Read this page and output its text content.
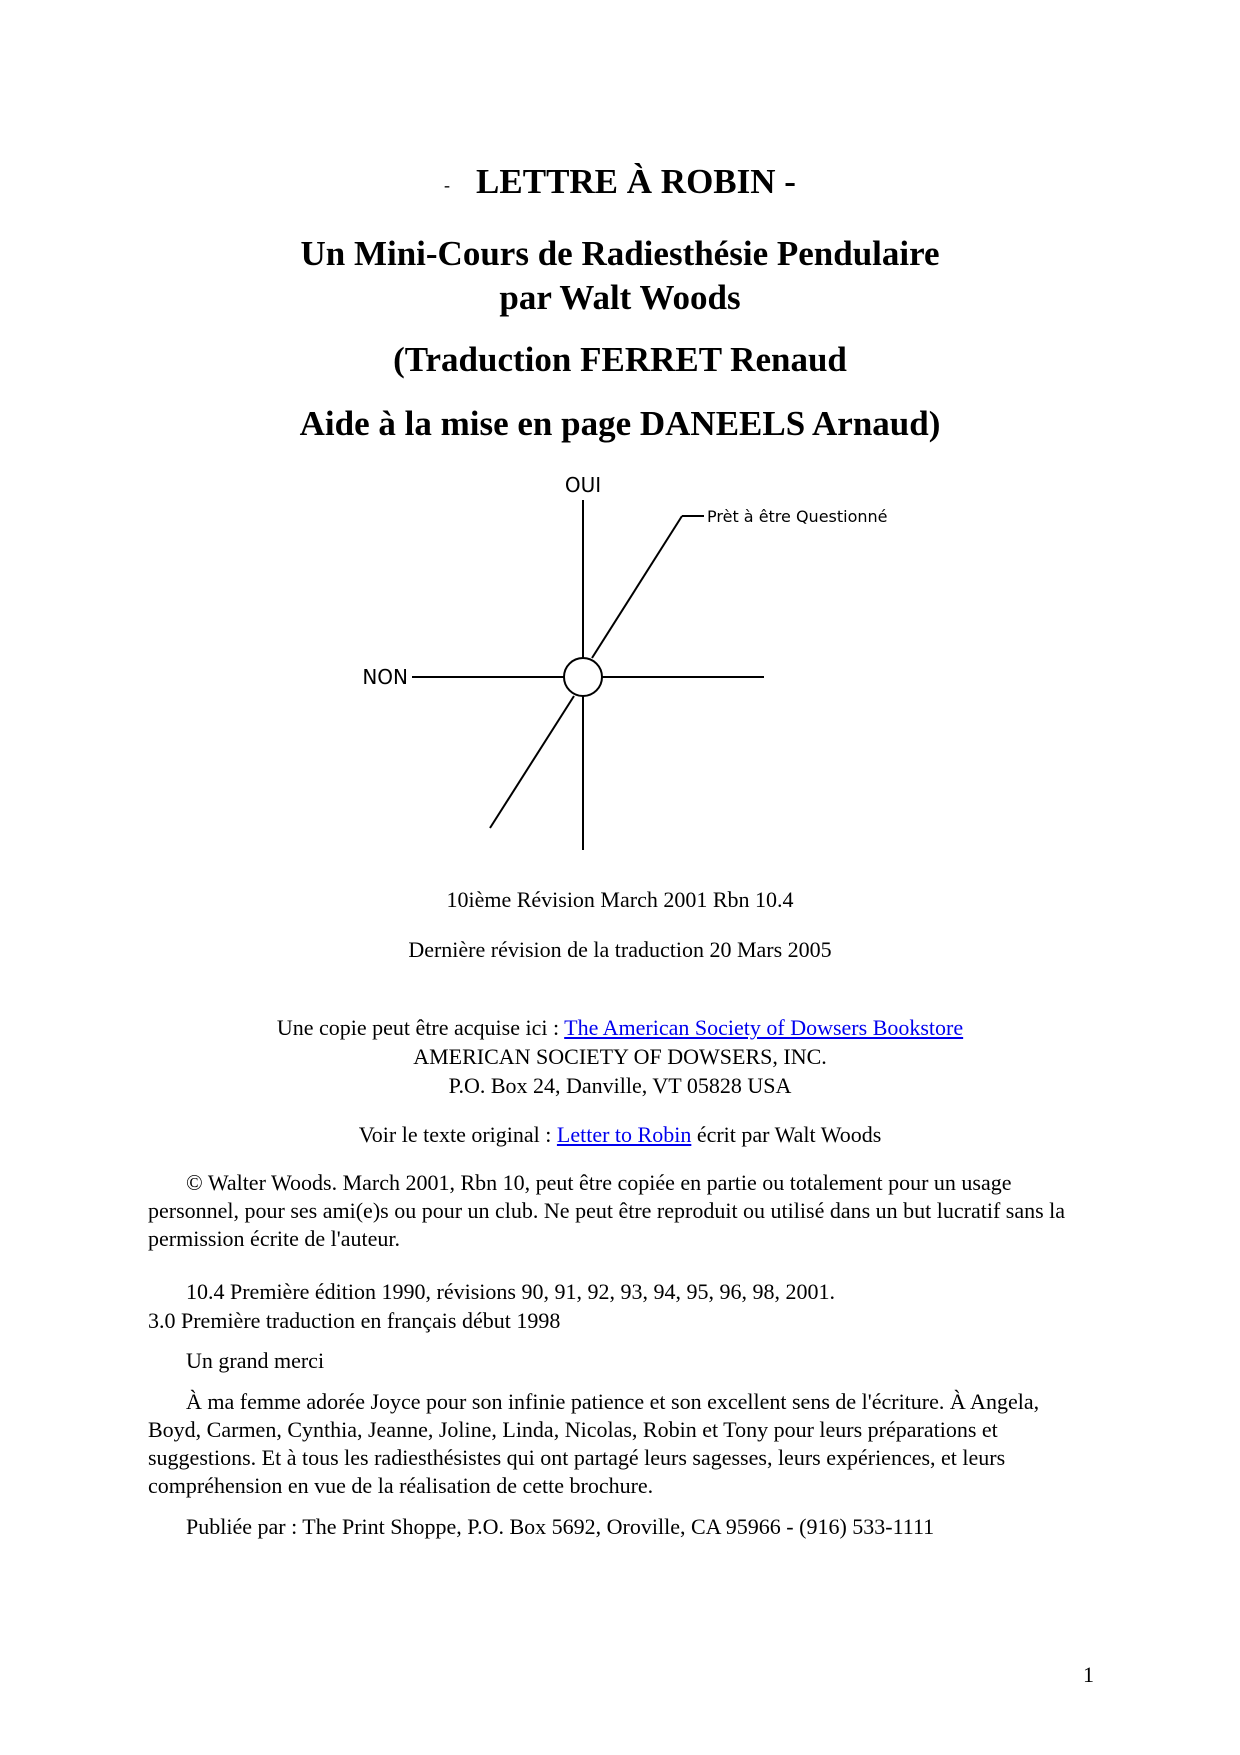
- LETTRE À ROBIN -
Un Mini-Cours de Radiesthésie Pendulaire
par Walt Woods
(Traduction FERRET Renaud
Aide à la mise en page DANEELS Arnaud)
OUI
NON
Prèt à être Questionné
10ième Révision March 2001 Rbn 10.4
Dernière révision de la traduction 20 Mars 2005
Une copie peut être acquise ici : The American Society of Dowsers Bookstore
AMERICAN SOCIETY OF DOWSERS, INC.
P.O. Box 24, Danville, VT 05828 USA
Voir le texte original : Letter to Robin écrit par Walt Woods
© Walter Woods. March 2001, Rbn 10, peut être copiée en partie ou totalement pour un usage personnel, pour ses ami(e)s ou pour un club. Ne peut être reproduit ou utilisé dans un but lucratif sans la permission écrite de l'auteur.
10.4 Première édition 1990, révisions 90, 91, 92, 93, 94, 95, 96, 98, 2001.
3.0 Première traduction en français début 1998
Un grand merci
À ma femme adorée Joyce pour son infinie patience et son excellent sens de l'écriture. À Angela, Boyd, Carmen, Cynthia, Jeanne, Joline, Linda, Nicolas, Robin et Tony pour leurs préparations et suggestions. Et à tous les radiesthésistes qui ont partagé leurs sagesses, leurs expériences, et leurs compréhension en vue de la réalisation de cette brochure.
Publiée par : The Print Shoppe, P.O. Box 5692, Oroville, CA 95966 - (916) 533-1111
1
